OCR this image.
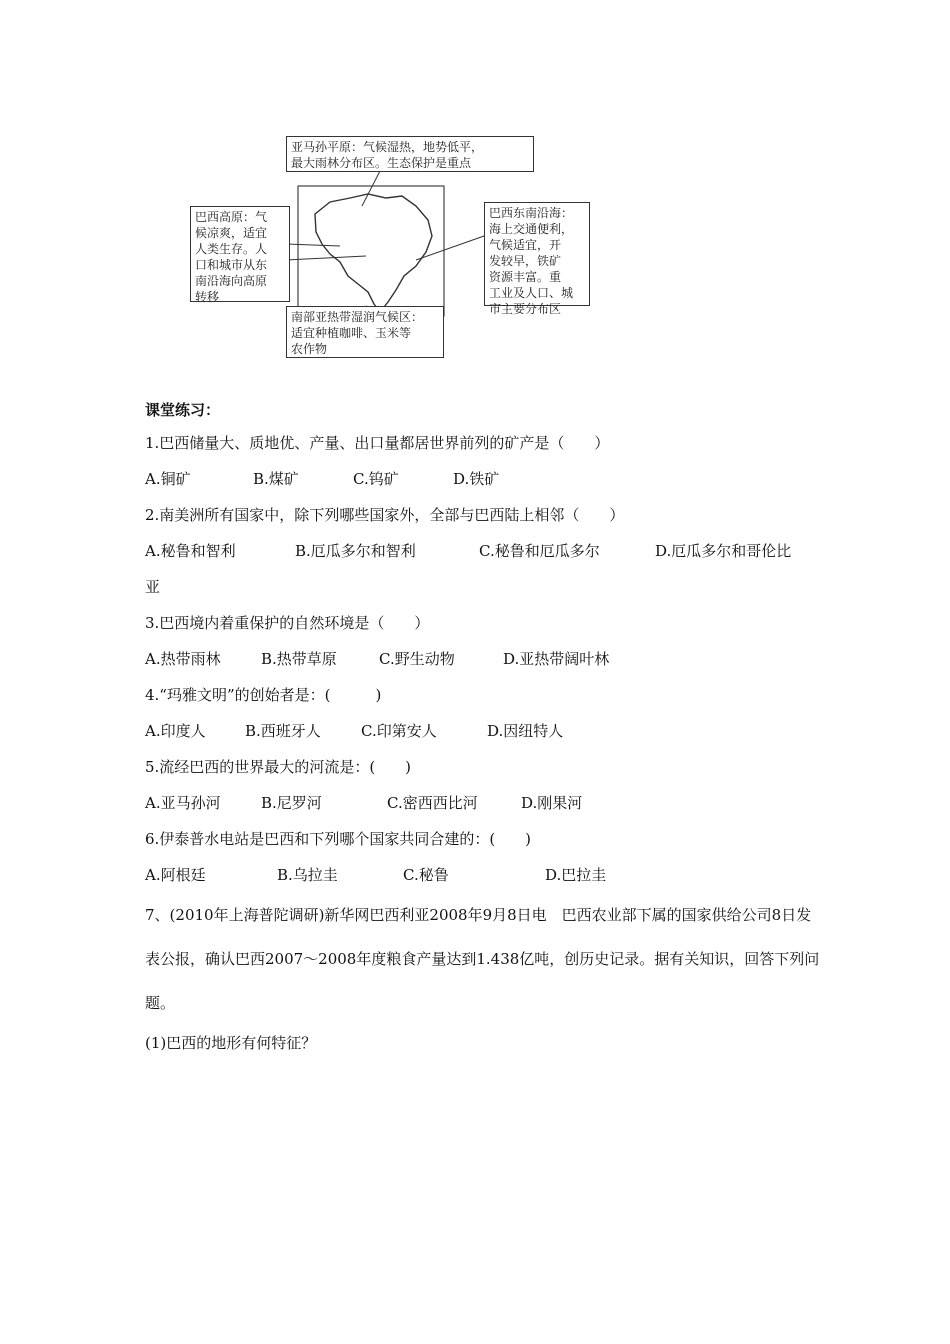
亚马孙平原：气候湿热，地势低平，
最大雨林分布区。生态保护是重点
巴西高原：气
候凉爽，适宜
人类生存。人
口和城市从东
南沿海向高原
转移
巴西东南沿海：
海上交通便利，
气候适宜，开
发较早，铁矿
资源丰富。重
工业及人口、城
市主要分布区
南部亚热带湿润气候区：
适宜种植咖啡、玉米等
农作物

课堂练习：

1.巴西储量大、质地优、产量、出口量都居世界前列的矿产是（　　）

A.铜矿	B.煤矿	C.钨矿	D.铁矿

2.南美洲所有国家中，除下列哪些国家外，全部与巴西陆上相邻（　　）

A.秘鲁和智利	B.厄瓜多尔和智利	C.秘鲁和厄瓜多尔	D.厄瓜多尔和哥伦比

亚

3.巴西境内着重保护的自然环境是（　　）

A.热带雨林	B.热带草原	C.野生动物	D.亚热带阔叶林

4.“玛雅文明”的创始者是：(　　　)

A.印度人	B.西班牙人	C.印第安人	D.因纽特人

5.流经巴西的世界最大的河流是：(　　)

A.亚马孙河	B.尼罗河	C.密西西比河	D.刚果河

6.伊泰普水电站是巴西和下列哪个国家共同合建的：(　　)

A.阿根廷	B.乌拉圭	C.秘鲁	D.巴拉圭

7、(2010年上海普陀调研)新华网巴西利亚2008年9月8日电　巴西农业部下属的国家供给公司8日发表公报，确认巴西2007～2008年度粮食产量达到1.438亿吨，创历史记录。据有关知识，回答下列问题。

(1)巴西的地形有何特征？
